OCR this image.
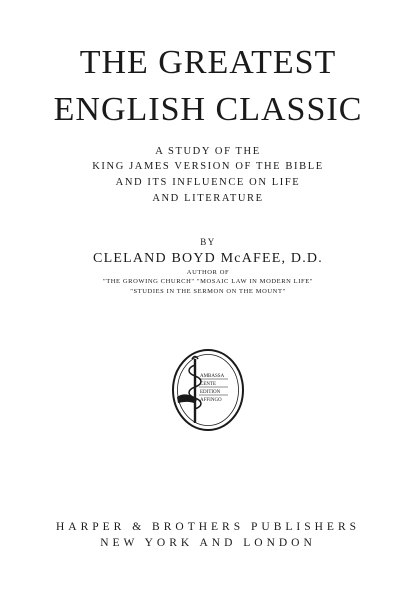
THE GREATEST
ENGLISH CLASSIC
A STUDY OF THE
KING JAMES VERSION OF THE BIBLE
AND ITS INFLUENCE ON LIFE
AND LITERATURE
BY
CLELAND BOYD McAFEE, D.D.
AUTHOR OF
"THE GROWING CHURCH" "MOSAIC LAW IN MODERN LIFE"
"STUDIES IN THE SERMON ON THE MOUNT"
AMBASSA
CENTE
EDITION
AFFINGO
HARPER & BROTHERS PUBLISHERS
NEW YORK AND LONDON
